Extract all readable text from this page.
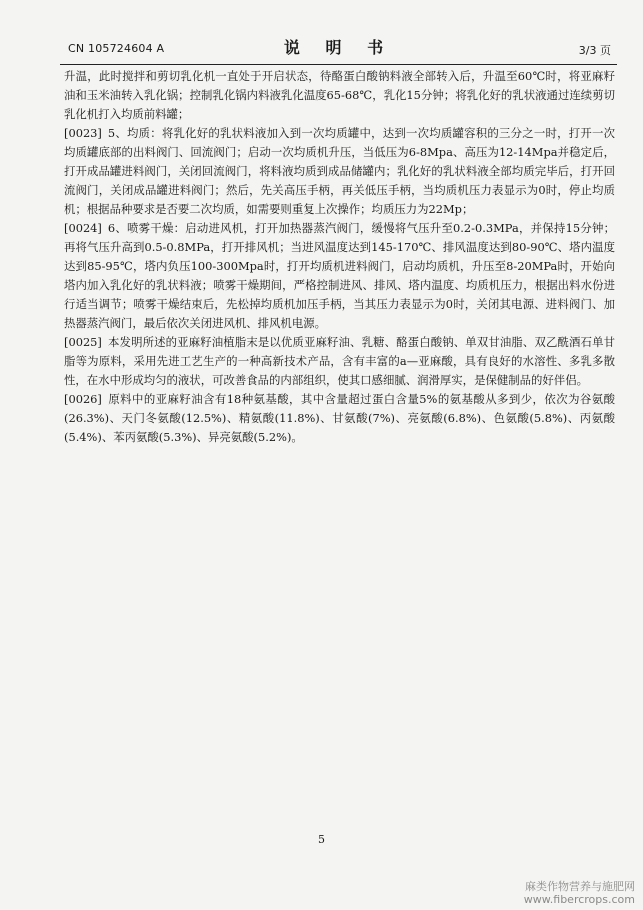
CN 105724604 A	说 明 书	3/3 页

升温，此时搅拌和剪切乳化机一直处于开启状态，待酪蛋白酸钠料液全部转入后，升温至60℃时，将亚麻籽油和玉米油转入乳化锅；控制乳化锅内料液乳化温度65-68℃，乳化15分钟；将乳化好的乳状液通过连续剪切乳化机打入均质前料罐；

[0023] 5、均质：将乳化好的乳状料液加入到一次均质罐中，达到一次均质罐容积的三分之一时，打开一次均质罐底部的出料阀门、回流阀门；启动一次均质机升压，当低压为6-8Mpa、高压为12-14Mpa并稳定后，打开成品罐进料阀门，关闭回流阀门，将料液均质到成品储罐内；乳化好的乳状料液全部均质完毕后，打开回流阀门，关闭成品罐进料阀门；然后，先关高压手柄，再关低压手柄，当均质机压力表显示为0时，停止均质机；根据品种要求是否要二次均质，如需要则重复上次操作；均质压力为22Mp；

[0024] 6、喷雾干燥：启动进风机，打开加热器蒸汽阀门，缓慢将气压升至0.2-0.3MPa，并保持15分钟；再将气压升高到0.5-0.8MPa，打开排风机；当进风温度达到145-170℃、排风温度达到80-90℃、塔内温度达到85-95℃，塔内负压100-300Mpa时，打开均质机进料阀门，启动均质机，升压至8-20MPa时，开始向塔内加入乳化好的乳状料液；喷雾干燥期间，严格控制进风、排风、塔内温度、均质机压力，根据出料水份进行适当调节；喷雾干燥结束后，先松掉均质机加压手柄，当其压力表显示为0时，关闭其电源、进料阀门、加热器蒸汽阀门，最后依次关闭进风机、排风机电源。

[0025] 本发明所述的亚麻籽油植脂末是以优质亚麻籽油、乳糖、酪蛋白酸钠、单双甘油脂、双乙酰酒石单甘脂等为原料，采用先进工艺生产的一种高新技术产品，含有丰富的a—亚麻酸，具有良好的水溶性、多乳多散性，在水中形成均匀的液状，可改善食品的内部组织，使其口感细腻、润滑厚实，是保健制品的好伴侣。

[0026] 原料中的亚麻籽油含有18种氨基酸，其中含量超过蛋白含量5%的氨基酸从多到少，依次为谷氨酸(26.3%)、天门冬氨酸(12.5%)、精氨酸(11.8%)、甘氨酸(7%)、亮氨酸(6.8%)、色氨酸(5.8%)、丙氨酸(5.4%)、苯丙氨酸(5.3%)、异亮氨酸(5.2%)。

5
麻类作物营养与施肥网
www.fibercrops.com
